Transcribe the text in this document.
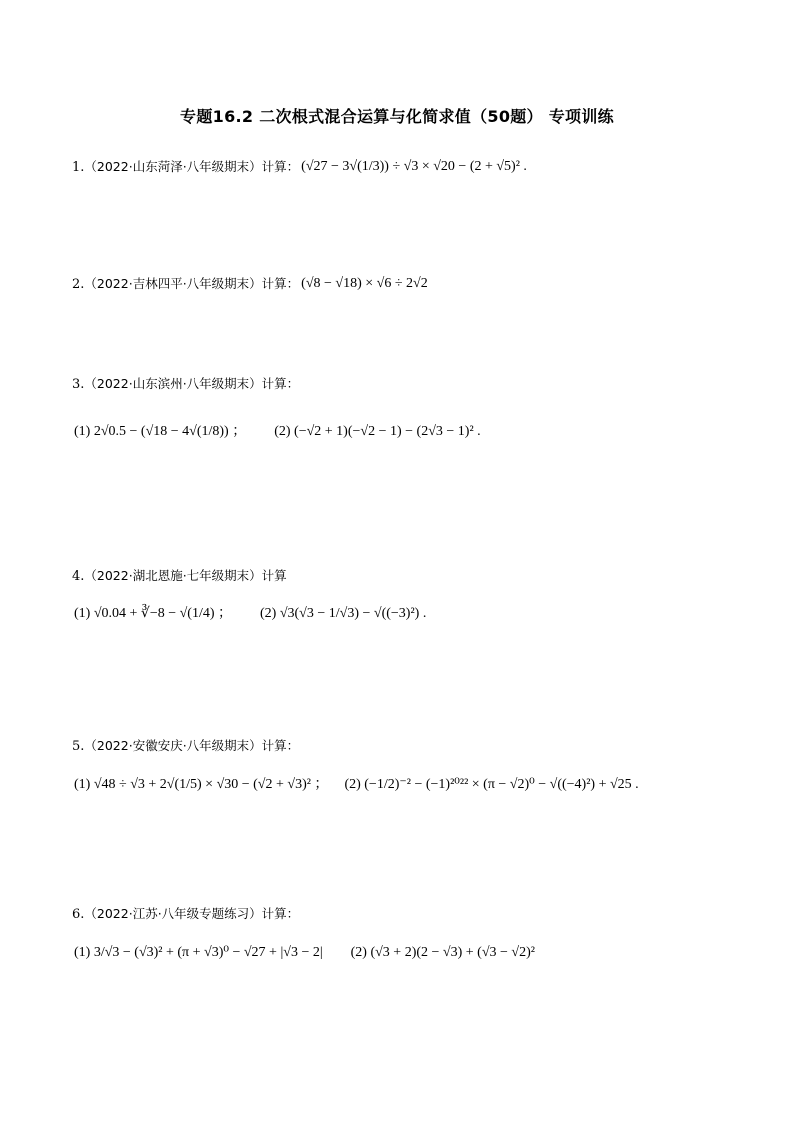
专题16.2 二次根式混合运算与化简求值（50题） 专项训练
1. （2022·山东菏泽·八年级期末）计算： (√27 − 3√(1/3)) ÷ √3 × √20 − (2 + √5)² .
2. （2022·吉林四平·八年级期末）计算： (√8 − √18) × √6 ÷ 2√2
3. （2022·山东滨州·八年级期末）计算：
(1) 2√0.5 − (√18 − 4√(1/8)) ； (2) (−√2 + 1)(−√2 − 1) − (2√3 − 1)² .
4. （2022·湖北恩施·七年级期末）计算
(1) √0.04 + ∛−8 − √(1/4) ； (2) √3(√3 − 1/√3) − √((−3)²) .
5. （2022·安徽安庆·八年级期末）计算：
(1) √48 ÷ √3 + 2√(1/5) × √30 − (√2 + √3)² ； (2) (−1/2)⁻² − (−1)²⁰²² × (π − √2)⁰ − √((−4)²) + √25 .
6. （2022·江苏·八年级专题练习）计算：
(1) 3/√3 − (√3)² + (π + √3)⁰ − √27 + |√3 − 2| (2) (√3 + 2)(2 − √3) + (√3 − √2)²
